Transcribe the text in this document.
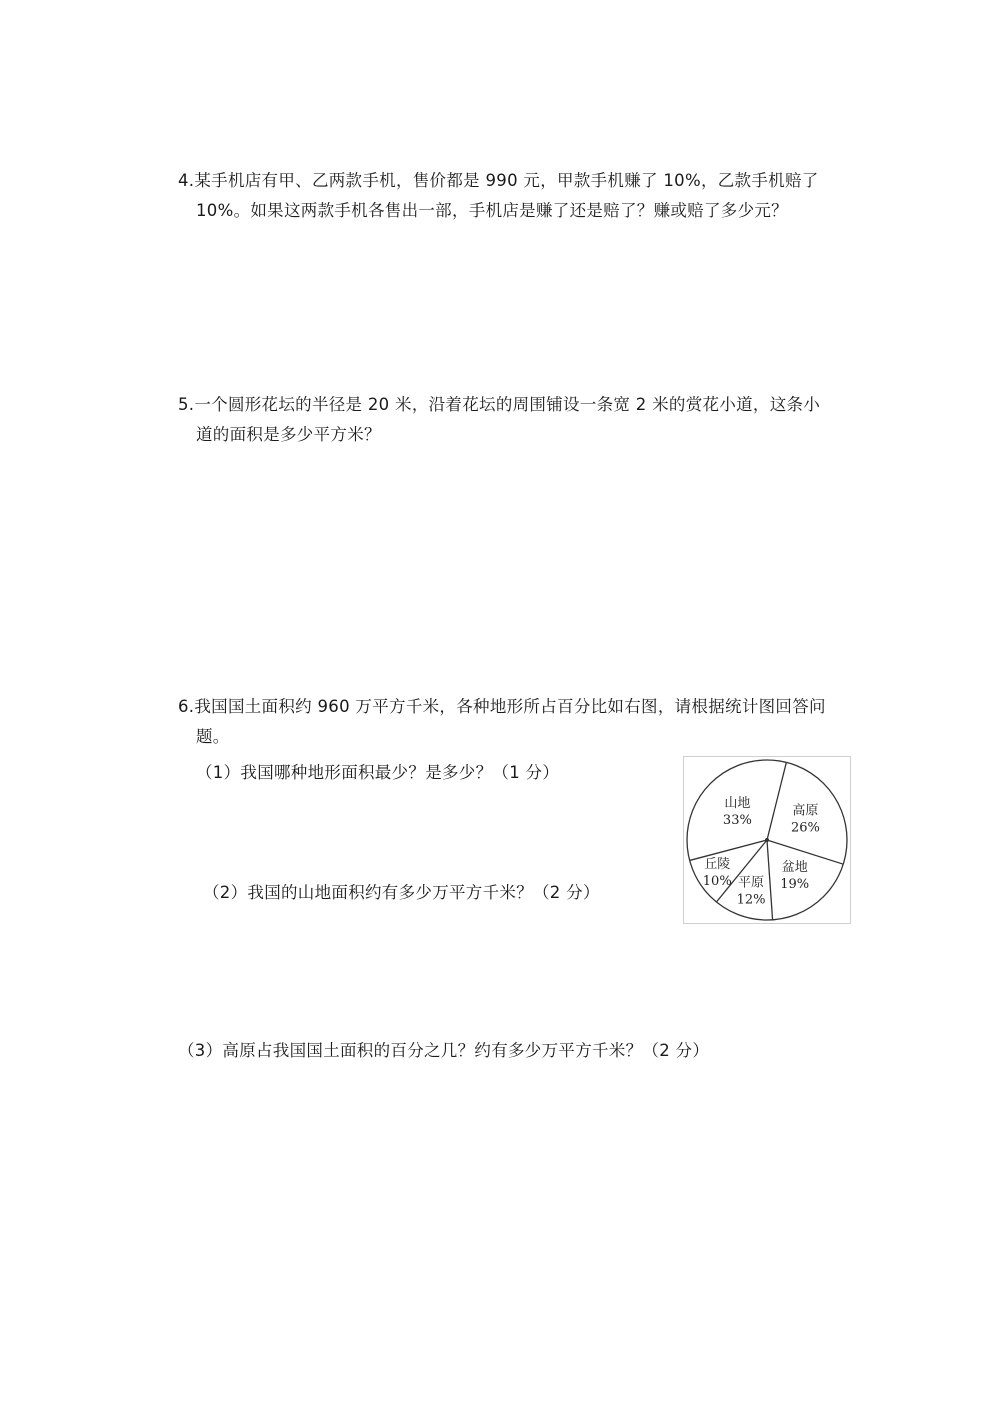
4.某手机店有甲、乙两款手机，售价都是 990 元，甲款手机赚了 10%，乙款手机赔了
10%。如果这两款手机各售出一部，手机店是赚了还是赔了？赚或赔了多少元？
5.一个圆形花坛的半径是 20 米，沿着花坛的周围铺设一条宽 2 米的赏花小道，这条小
道的面积是多少平方米？
6.我国国土面积约 960 万平方千米，各种地形所占百分比如右图，请根据统计图回答问
题。
（1）我国哪种地形面积最少？是多少？（1 分）
（2）我国的山地面积约有多少万平方千米？（2 分）
（3）高原占我国国土面积的百分之几？约有多少万平方千米？（2 分）
高原
26%
盆地
19%
平原
12%
丘陵
10%
山地
33%
